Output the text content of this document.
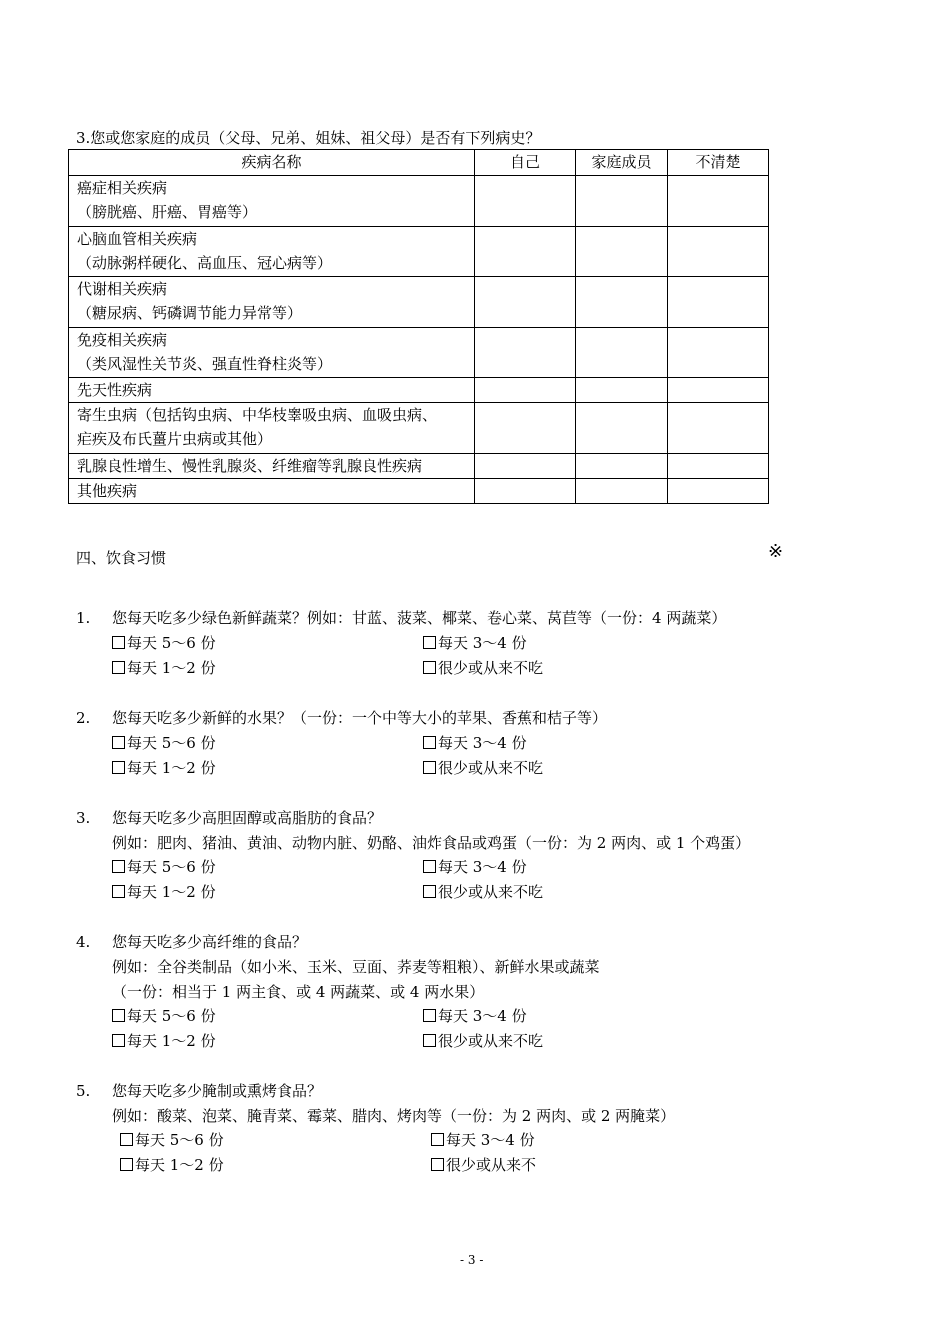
3.您或您家庭的成员（父母、兄弟、姐妹、祖父母）是否有下列病史？
疾病名称	自己	家庭成员	不清楚

癌症相关疾病
（膀胱癌、肝癌、胃癌等）			

心脑血管相关疾病
（动脉粥样硬化、高血压、冠心病等）			

代谢相关疾病
（糖尿病、钙磷调节能力异常等）			

免疫相关疾病
（类风湿性关节炎、强直性脊柱炎等）			

先天性疾病			

寄生虫病（包括钩虫病、中华枝睾吸虫病、血吸虫病、
疟疾及布氏薑片虫病或其他）			

乳腺良性增生、慢性乳腺炎、纤维瘤等乳腺良性疾病			

其他疾病			

四、饮食习惯	※
1. 您每天吃多少绿色新鲜蔬菜？例如：甘蓝、菠菜、椰菜、卷心菜、莴苣等（一份：4 两蔬菜）
每天 5～6 份	每天 3～4 份
每天 1～2 份	很少或从来不吃
2. 您每天吃多少新鲜的水果？（一份：一个中等大小的苹果、香蕉和桔子等）
每天 5～6 份	每天 3～4 份
每天 1～2 份	很少或从来不吃
3. 您每天吃多少高胆固醇或高脂肪的食品？
例如：肥肉、猪油、黄油、动物内脏、奶酪、油炸食品或鸡蛋（一份：为 2 两肉、或 1 个鸡蛋）
每天 5～6 份	每天 3～4 份
每天 1～2 份	很少或从来不吃
4. 您每天吃多少高纤维的食品？
例如：全谷类制品（如小米、玉米、豆面、荞麦等粗粮）、新鲜水果或蔬菜
（一份：相当于 1 两主食、或 4 两蔬菜、或 4 两水果）
每天 5～6 份	每天 3～4 份
每天 1～2 份	很少或从来不吃
5. 您每天吃多少腌制或熏烤食品？
例如：酸菜、泡菜、腌青菜、霉菜、腊肉、烤肉等（一份：为 2 两肉、或 2 两腌菜）
每天 5～6 份	每天 3～4 份
每天 1～2 份	很少或从来不
- 3 -
